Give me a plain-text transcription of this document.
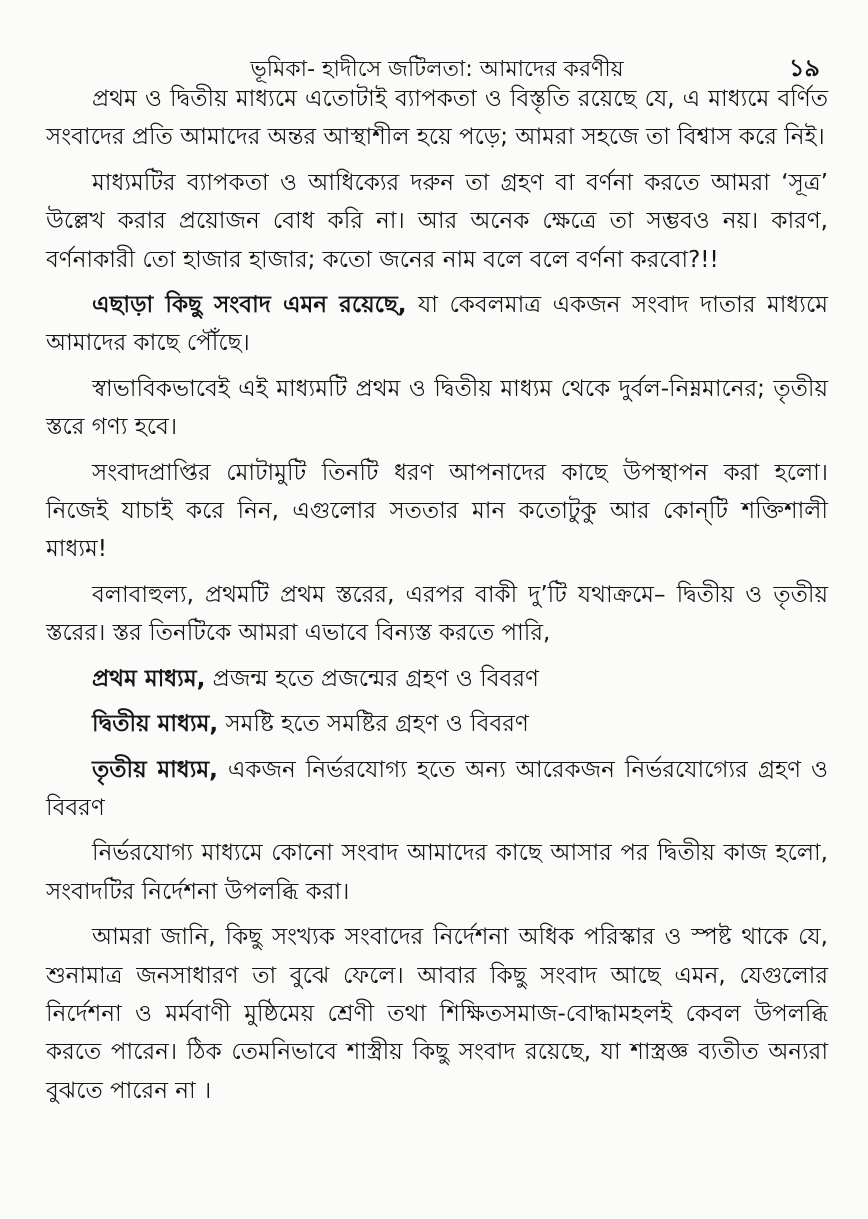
ভূমিকা- হাদীসে জটিলতা: আমাদের করণীয়	১৯

প্রথম ও দ্বিতীয় মাধ্যমে এতোটাই ব্যাপকতা ও বিস্তৃতি রয়েছে যে, এ মাধ্যমে বর্ণিত সংবাদের প্রতি আমাদের অন্তর আস্থাশীল হয়ে পড়ে; আমরা সহজে তা বিশ্বাস করে নিই।

মাধ্যমটির ব্যাপকতা ও আধিক্যের দরুন তা গ্রহণ বা বর্ণনা করতে আমরা ‘সূত্র’ উল্লেখ করার প্রয়োজন বোধ করি না। আর অনেক ক্ষেত্রে তা সম্ভবও নয়। কারণ, বর্ণনাকারী তো হাজার হাজার; কতো জনের নাম বলে বলে বর্ণনা করবো?!!

এছাড়া কিছু সংবাদ এমন রয়েছে, যা কেবলমাত্র একজন সংবাদ দাতার মাধ্যমে আমাদের কাছে পৌঁছে।

স্বাভাবিকভাবেই এই মাধ্যমটি প্রথম ও দ্বিতীয় মাধ্যম থেকে দুর্বল-নিম্নমানের; তৃতীয় স্তরে গণ্য হবে।

সংবাদপ্রাপ্তির মোটামুটি তিনটি ধরণ আপনাদের কাছে উপস্থাপন করা হলো। নিজেই যাচাই করে নিন, এগুলোর সততার মান কতোটুকু আর কোন্‌টি শক্তিশালী মাধ্যম!

বলাবাহুল্য, প্রথমটি প্রথম স্তরের, এরপর বাকী দু’টি যথাক্রমে– দ্বিতীয় ও তৃতীয় স্তরের। স্তর তিনটিকে আমরা এভাবে বিন্যস্ত করতে পারি,

প্রথম মাধ্যম, প্রজন্ম হতে প্রজন্মের গ্রহণ ও বিবরণ

দ্বিতীয় মাধ্যম, সমষ্টি হতে সমষ্টির গ্রহণ ও বিবরণ

তৃতীয় মাধ্যম, একজন নির্ভরযোগ্য হতে অন্য আরেকজন নির্ভরযোগ্যের গ্রহণ ও বিবরণ

নির্ভরযোগ্য মাধ্যমে কোনো সংবাদ আমাদের কাছে আসার পর দ্বিতীয় কাজ হলো, সংবাদটির নির্দেশনা উপলব্ধি করা।

আমরা জানি, কিছু সংখ্যক সংবাদের নির্দেশনা অধিক পরিস্কার ও স্পষ্ট থাকে যে, শুনামাত্র জনসাধারণ তা বুঝে ফেলে। আবার কিছু সংবাদ আছে এমন, যেগুলোর নির্দেশনা ও মর্মবাণী মুষ্ঠিমেয় শ্রেণী তথা শিক্ষিতসমাজ-বোদ্ধামহলই কেবল উপলব্ধি করতে পারেন। ঠিক তেমনিভাবে শাস্ত্রীয় কিছু সংবাদ রয়েছে, যা শাস্ত্রজ্ঞ ব্যতীত অন্যরা বুঝতে পারেন না ।
